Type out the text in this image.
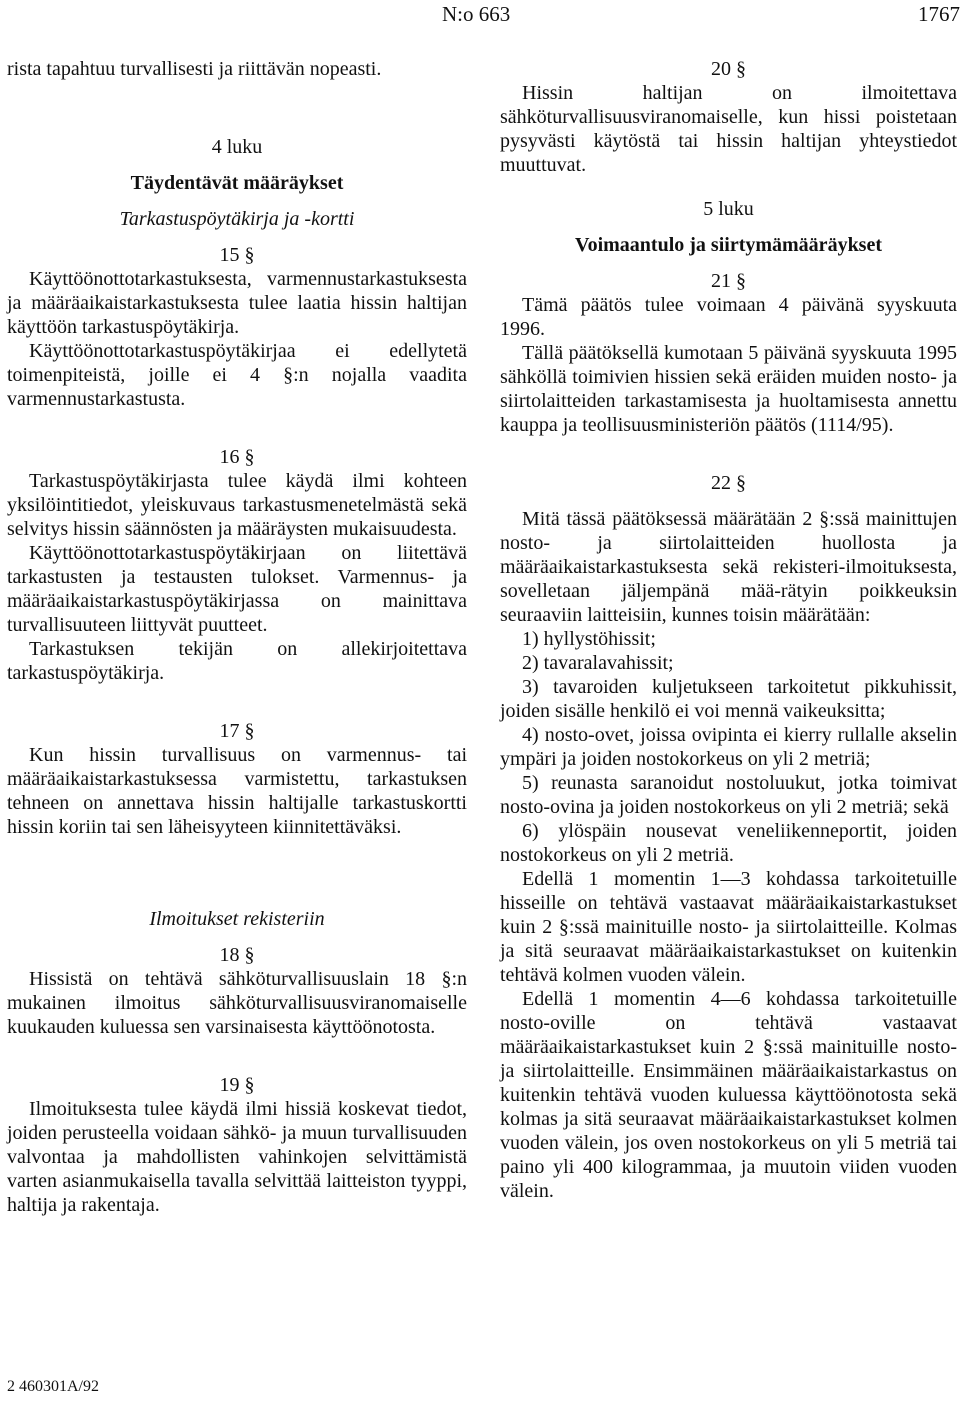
N:o 663	1767

rista tapahtuu turvallisesti ja riittävän nopeasti.

4 luku

Täydentävät määräykset

Tarkastuspöytäkirja ja -kortti

15 §

Käyttöönottotarkastuksesta, varmennustarkastuksesta ja määräaikaistarkastuksesta tulee laatia hissin haltijan käyttöön tarkastuspöytäkirja.

Käyttöönottotarkastuspöytäkirjaa ei edellytetä toimenpiteistä, joille ei 4 §:n nojalla vaadita varmennustarkastusta.

16 §

Tarkastuspöytäkirjasta tulee käydä ilmi kohteen yksilöintitiedot, yleiskuvaus tarkastusmenetelmästä sekä selvitys hissin säännösten ja määräysten mukaisuudesta.

Käyttöönottotarkastuspöytäkirjaan on liitettävä tarkastusten ja testausten tulokset. Varmennus- ja määräaikaistarkastuspöytäkirjassa on mainittava turvallisuuteen liittyvät puutteet.

Tarkastuksen tekijän on allekirjoitettava tarkastuspöytäkirja.

17 §

Kun hissin turvallisuus on varmennus- tai määräaikaistarkastuksessa varmistettu, tarkastuksen tehneen on annettava hissin haltijalle tarkastuskortti hissin koriin tai sen läheisyyteen kiinnitettäväksi.

Ilmoitukset rekisteriin

18 §

Hissistä on tehtävä sähköturvallisuuslain 18 §:n mukainen ilmoitus sähköturvallisuusviranomaiselle kuukauden kuluessa sen varsinaisesta käyttöönotosta.

19 §

Ilmoituksesta tulee käydä ilmi hissiä koskevat tiedot, joiden perusteella voidaan sähkö- ja muun turvallisuuden valvontaa ja mahdollisten vahinkojen selvittämistä varten asianmukaisella tavalla selvittää laitteiston tyyppi, haltija ja rakentaja.

20 §

Hissin haltijan on ilmoitettava sähköturvallisuusviranomaiselle, kun hissi poistetaan pysyvästi käytöstä tai hissin haltijan yhteystiedot muuttuvat.

5 luku

Voimaantulo ja siirtymämääräykset

21 §

Tämä päätös tulee voimaan 4 päivänä syyskuuta 1996.

Tällä päätöksellä kumotaan 5 päivänä syyskuuta 1995 sähköllä toimivien hissien sekä eräiden muiden nosto- ja siirtolaitteiden tarkastamisesta ja huoltamisesta annettu kauppa ja teollisuusministeriön päätös (1114/95).

22 §

Mitä tässä päätöksessä määrätään 2 §:ssä mainittujen nosto- ja siirtolaitteiden huollosta ja määräaikaistarkastuksesta sekä rekisteri-ilmoituksesta, sovelletaan jäljempänä mää-rätyin poikkeuksin seuraaviin laitteisiin, kunnes toisin määrätään:

1) hyllystöhissit;

2) tavaralavahissit;

3) tavaroiden kuljetukseen tarkoitetut pikkuhissit, joiden sisälle henkilö ei voi mennä vaikeuksitta;

4) nosto-ovet, joissa ovipinta ei kierry rullalle akselin ympäri ja joiden nostokorkeus on yli 2 metriä;

5) reunasta saranoidut nostoluukut, jotka toimivat nosto-ovina ja joiden nostokorkeus on yli 2 metriä; sekä

6) ylöspäin nousevat veneliikenneportit, joiden nostokorkeus on yli 2 metriä.

Edellä 1 momentin 1—3 kohdassa tarkoitetuille hisseille on tehtävä vastaavat määräaikaistarkastukset kuin 2 §:ssä mainituille nosto- ja siirtolaitteille. Kolmas ja sitä seuraavat määräaikaistarkastukset on kuitenkin tehtävä kolmen vuoden välein.

Edellä 1 momentin 4—6 kohdassa tarkoitetuille nosto-oville on tehtävä vastaavat määräaikaistarkastukset kuin 2 §:ssä mainituille nosto- ja siirtolaitteille. Ensimmäinen määräaikaistarkastus on kuitenkin tehtävä vuoden kuluessa käyttöönotosta sekä kolmas ja sitä seuraavat määräaikaistarkastukset kolmen vuoden välein, jos oven nostokorkeus on yli 5 metriä tai paino yli 400 kilogrammaa, ja muutoin viiden vuoden välein.

2 460301A/92
